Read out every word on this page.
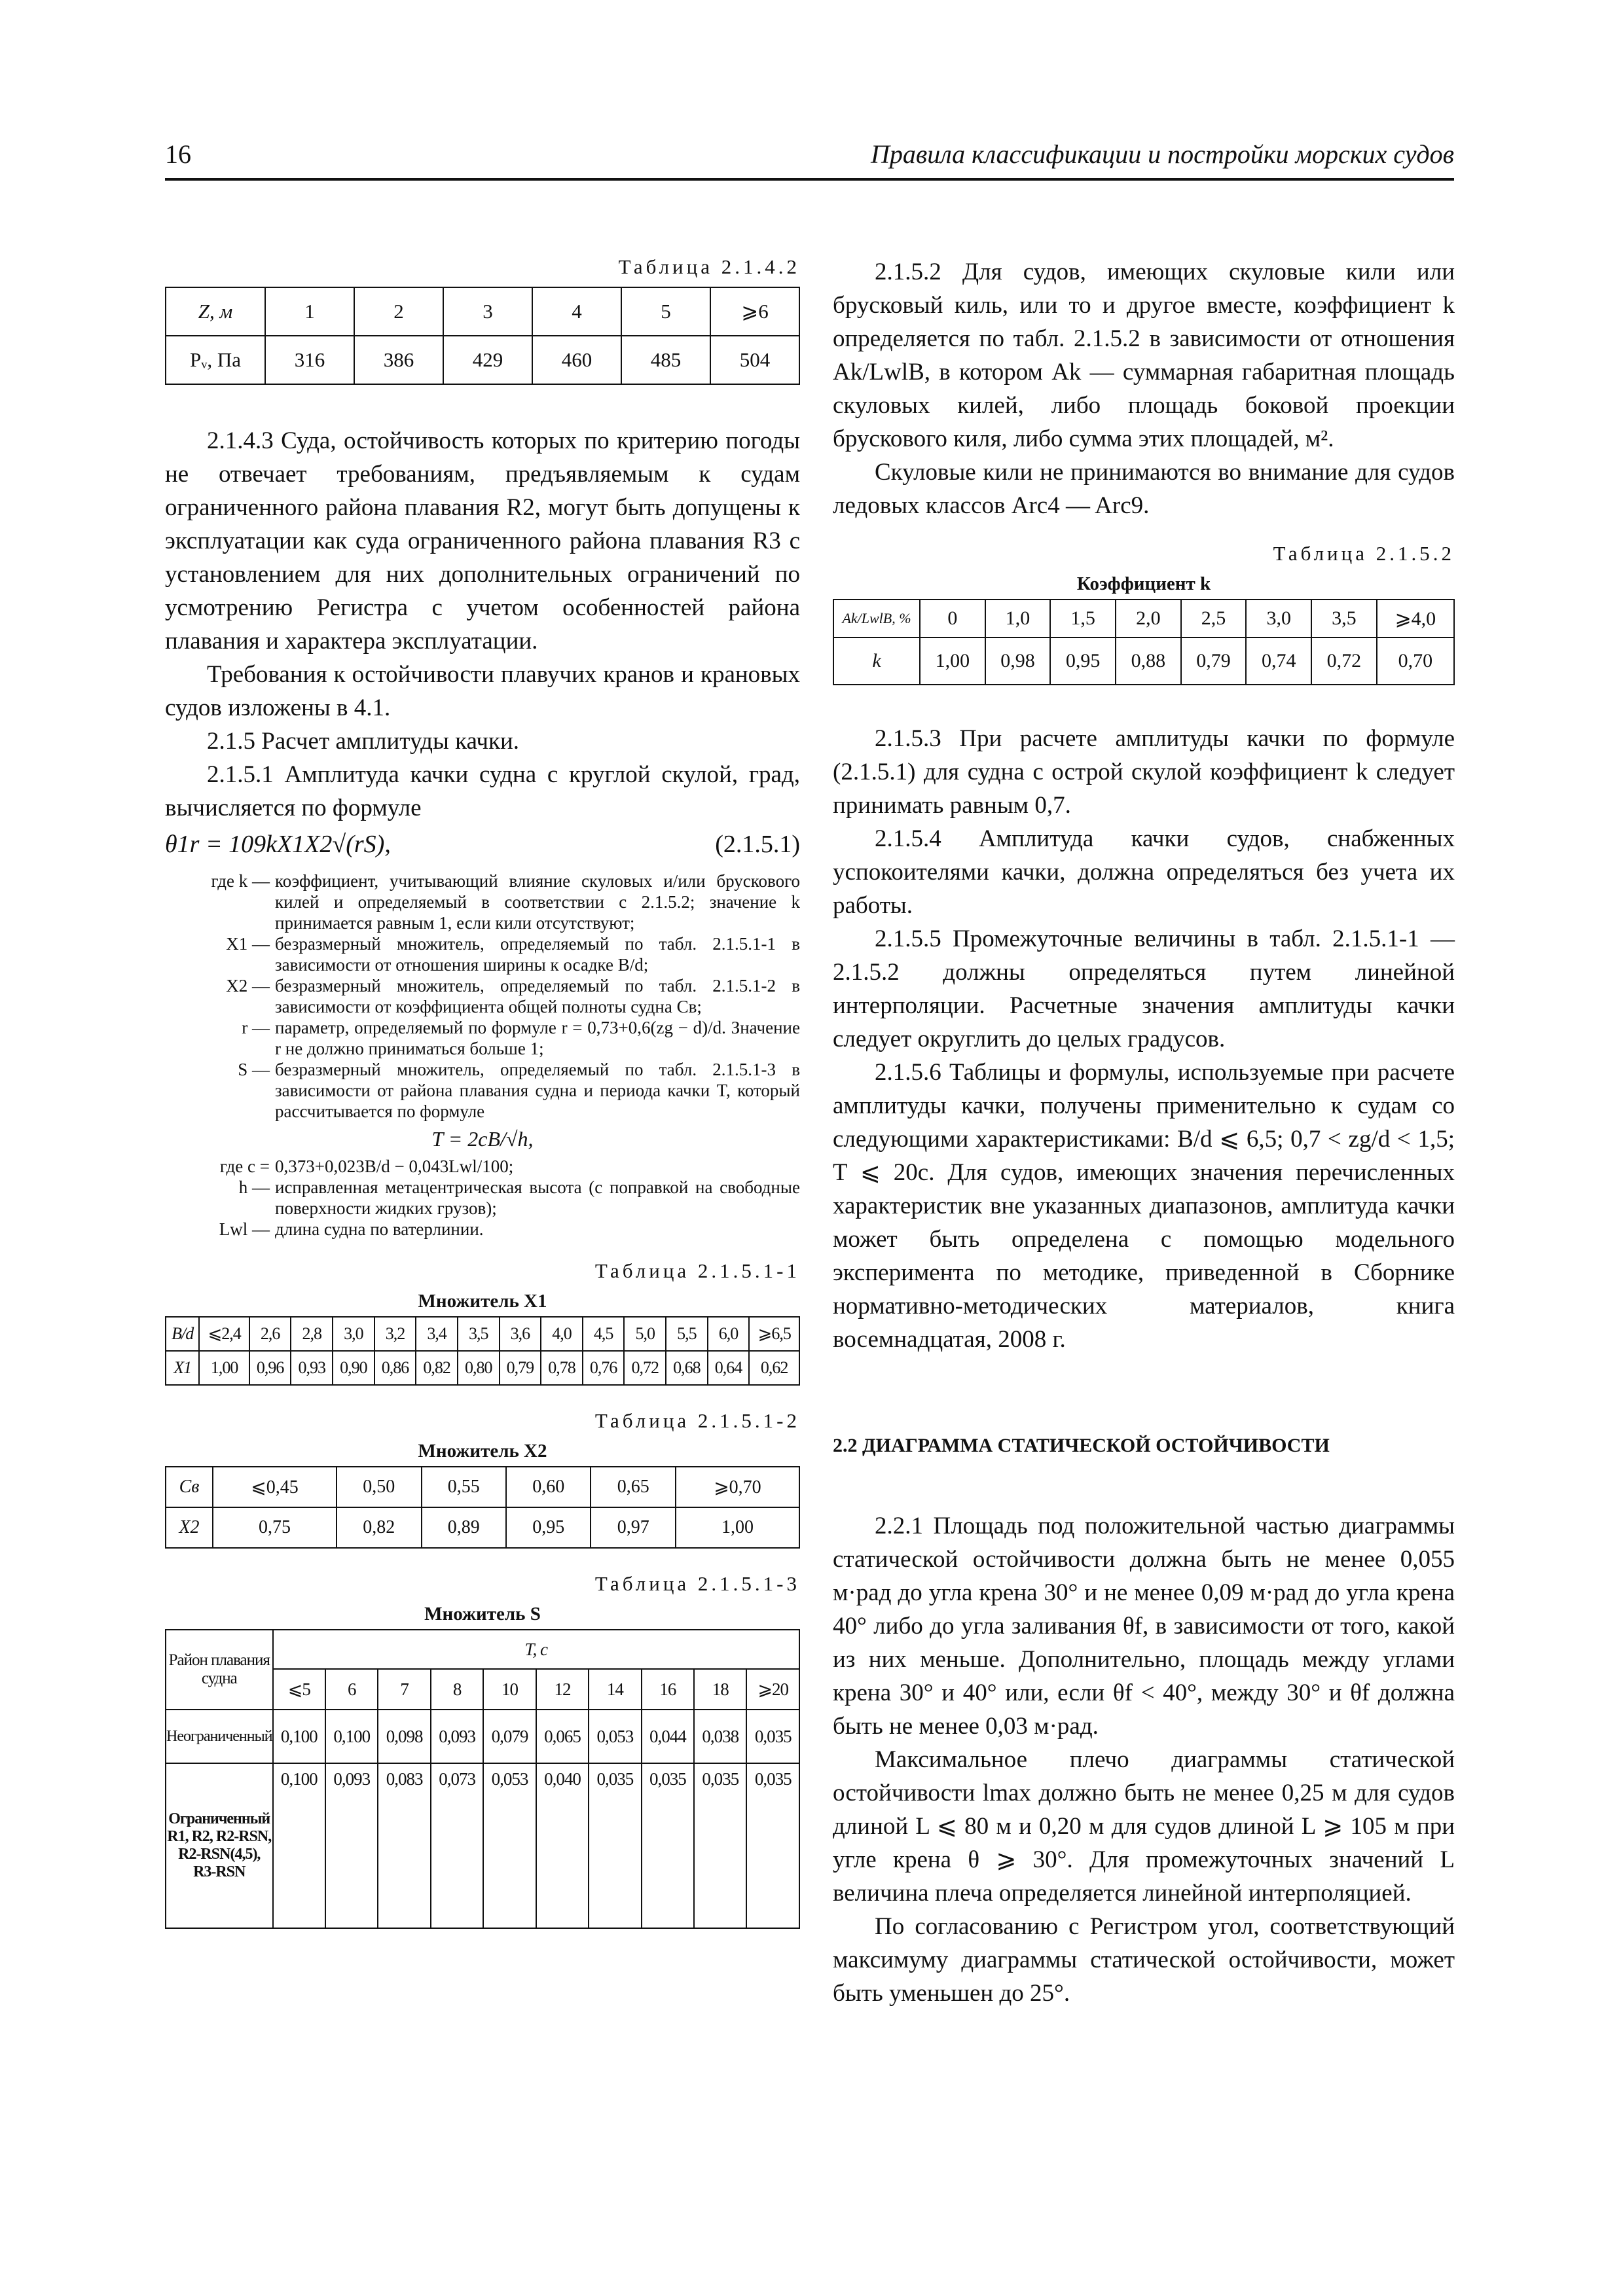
16	Правила классификации и постройки морских судов

Таблица 2.1.4.2

Z, м	1	2	3	4	5	⩾6
Pᵥ, Па	316	386	429	460	485	504

2.1.4.3 Суда, остойчивость которых по критерию погоды не отвечает требованиям, предъявляемым к судам ограниченного района плавания R2, могут быть допущены к эксплуатации как суда ограниченного района плавания R3 с установлением для них дополнительных ограничений по усмотрению Регистра с учетом особенностей района плавания и характера эксплуатации.

Требования к остойчивости плавучих кранов и крановых судов изложены в 4.1.

2.1.5 Расчет амплитуды качки.

2.1.5.1 Амплитуда качки судна с круглой скулой, град, вычисляется по формуле

θ1r = 109kX1X2√(rS),	(2.1.5.1)
где k — коэффициент, учитывающий влияние скуловых и/или брускового килей и определяемый в соответствии с 2.1.5.2; значение k принимается равным 1, если кили отсутствуют;
X1 — безразмерный множитель, определяемый по табл. 2.1.5.1-1 в зависимости от отношения ширины к осадке B/d;
X2 — безразмерный множитель, определяемый по табл. 2.1.5.1-2 в зависимости от коэффициента общей полноты судна Cв;
r — параметр, определяемый по формуле r = 0,73+0,6(zg − d)/d. Значение r не должно приниматься больше 1;
S — безразмерный множитель, определяемый по табл. 2.1.5.1-3 в зависимости от района плавания судна и периода качки T, который рассчитывается по формуле
T = 2cB/√h,
где c = 0,373+0,023B/d − 0,043Lwl/100;
h — исправленная метацентрическая высота (с поправкой на свободные поверхности жидких грузов);
Lwl — длина судна по ватерлинии.

Таблица 2.1.5.1-1

Множитель X1

B/d	⩽2,4	2,6	2,8	3,0	3,2	3,4	3,5	3,6	4,0	4,5	5,0	5,5	6,0	⩾6,5
X1	1,00	0,96	0,93	0,90	0,86	0,82	0,80	0,79	0,78	0,76	0,72	0,68	0,64	0,62

Таблица 2.1.5.1-2

Множитель X2

Cв	⩽0,45	0,50	0,55	0,60	0,65	⩾0,70
X2	0,75	0,82	0,89	0,95	0,97	1,00

Таблица 2.1.5.1-3

Множитель S

Район плавания судна	T, с									
	⩽5	6	7	8	10	12	14	16	18	⩾20
Неограниченный	0,100	0,100	0,098	0,093	0,079	0,065	0,053	0,044	0,038	0,035
Ограниченный R1, R2, R2-RSN, R2-RSN(4,5), R3-RSN	0,100	0,093	0,083	0,073	0,053	0,040	0,035	0,035	0,035	0,035

2.1.5.2 Для судов, имеющих скуловые кили или брусковый киль, или то и другое вместе, коэффициент k определяется по табл. 2.1.5.2 в зависимости от отношения Ak/LwlB, в котором Ak — суммарная габаритная площадь скуловых килей, либо площадь боковой проекции брускового киля, либо сумма этих площадей, м².

Скуловые кили не принимаются во внимание для судов ледовых классов Arc4 — Arc9.

Таблица 2.1.5.2

Коэффициент k

Ak/LwlB, %	0	1,0	1,5	2,0	2,5	3,0	3,5	⩾4,0
k	1,00	0,98	0,95	0,88	0,79	0,74	0,72	0,70

2.1.5.3 При расчете амплитуды качки по формуле (2.1.5.1) для судна с острой скулой коэффициент k следует принимать равным 0,7.

2.1.5.4 Амплитуда качки судов, снабженных успокоителями качки, должна определяться без учета их работы.

2.1.5.5 Промежуточные величины в табл. 2.1.5.1-1 — 2.1.5.2 должны определяться путем линейной интерполяции. Расчетные значения амплитуды качки следует округлить до целых градусов.

2.1.5.6 Таблицы и формулы, используемые при расчете амплитуды качки, получены применительно к судам со следующими характеристиками: B/d ⩽ 6,5; 0,7 < zg/d < 1,5; T ⩽ 20с. Для судов, имеющих значения перечисленных характеристик вне указанных диапазонов, амплитуда качки может быть определена с помощью модельного эксперимента по методике, приведенной в Сборнике нормативно-методических материалов, книга восемнадцатая, 2008 г.

2.2 ДИАГРАММА СТАТИЧЕСКОЙ ОСТОЙЧИВОСТИ

2.2.1 Площадь под положительной частью диаграммы статической остойчивости должна быть не менее 0,055 м·рад до угла крена 30° и не менее 0,09 м·рад до угла крена 40° либо до угла заливания θf, в зависимости от того, какой из них меньше. Дополнительно, площадь между углами крена 30° и 40° или, если θf < 40°, между 30° и θf должна быть не менее 0,03 м·рад.

Максимальное плечо диаграммы статической остойчивости lmax должно быть не менее 0,25 м для судов длиной L ⩽ 80 м и 0,20 м для судов длиной L ⩾ 105 м при угле крена θ ⩾ 30°. Для промежуточных значений L величина плеча определяется линейной интерполяцией.

По согласованию с Регистром угол, соответствующий максимуму диаграммы статической остойчивости, может быть уменьшен до 25°.
